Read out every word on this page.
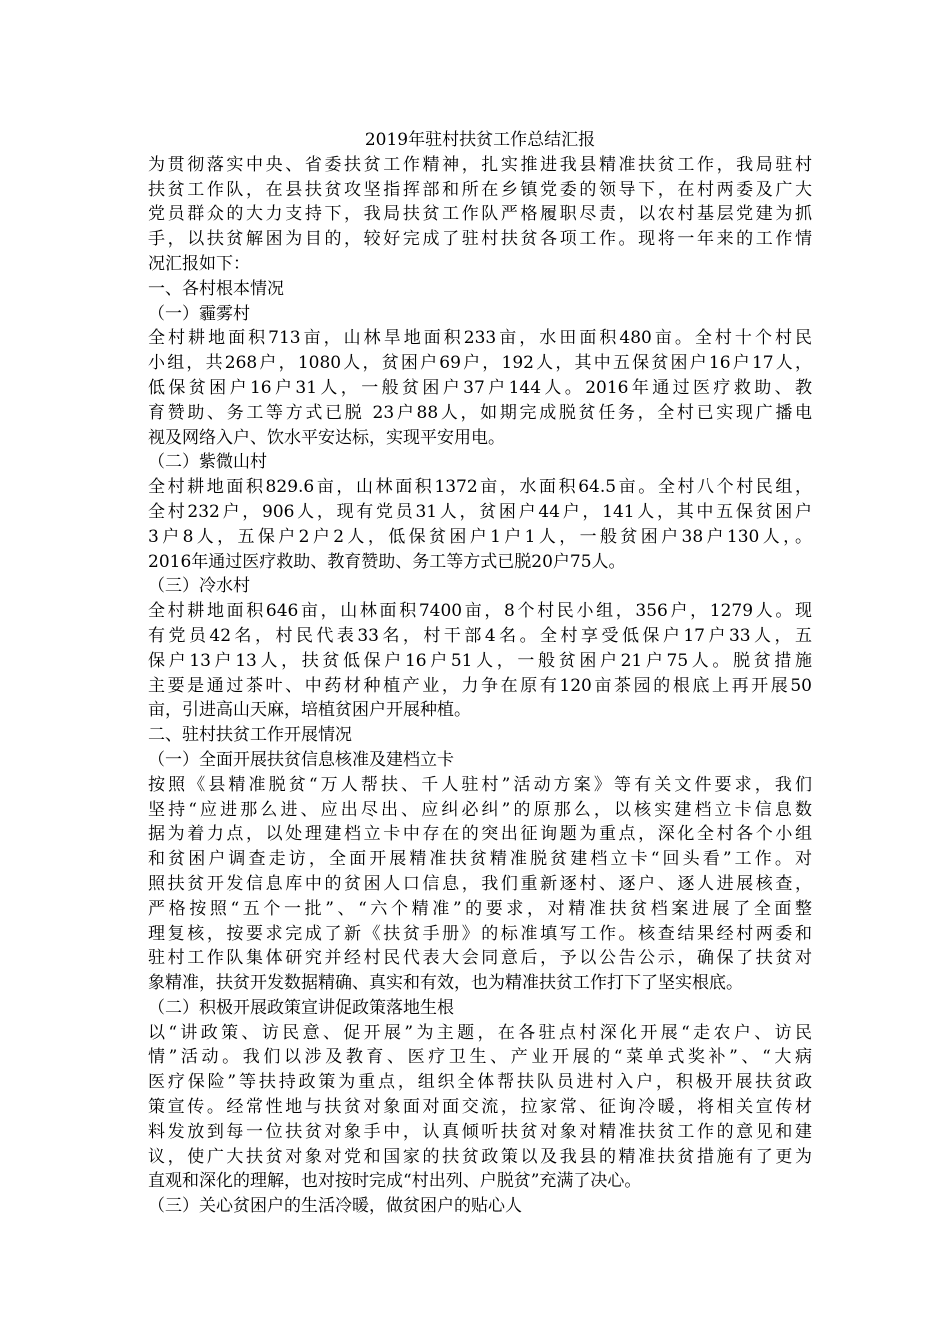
2019年驻村扶贫工作总结汇报

为贯彻落实中央、省委扶贫工作精神，扎实推进我县精准扶贫工作，我局驻村

扶贫工作队，在县扶贫攻坚指挥部和所在乡镇党委的领导下，在村两委及广大

党员群众的大力支持下，我局扶贫工作队严格履职尽责，以农村基层党建为抓

手，以扶贫解困为目的，较好完成了驻村扶贫各项工作。现将一年来的工作情

况汇报如下：

一、各村根本情况

（一）霾雾村

全村耕地面积713亩，山林旱地面积233亩，水田面积480亩。全村十个村民

小组，共268户，1080人，贫困户69户，192人，其中五保贫困户16户17人，

低保贫困户16户31人，一般贫困户37户144人。2016年通过医疗救助、教

育赞助、务工等方式已脱 23户88人，如期完成脱贫任务，全村已实现广播电

视及网络入户、饮水平安达标，实现平安用电。

（二）紫微山村

全村耕地面积829.6亩，山林面积1372亩，水面积64.5亩。全村八个村民组，

全村232户，906人，现有党员31人，贫困户44户，141人，其中五保贫困户

3户8人，五保户2户2人，低保贫困户1户1人，一般贫困户38户130人，。

2016年通过医疗救助、教育赞助、务工等方式已脱20户75人。

（三）冷水村

全村耕地面积646亩，山林面积7400亩，8个村民小组，356户，1279人。现

有党员42名，村民代表33名，村干部4名。全村享受低保户17户33人，五

保户13户13人，扶贫低保户16户51人，一般贫困户21户75人。脱贫措施

主要是通过茶叶、中药材种植产业，力争在原有120亩茶园的根底上再开展50

亩，引进高山天麻，培植贫困户开展种植。

二、驻村扶贫工作开展情况

（一）全面开展扶贫信息核准及建档立卡

按照《县精准脱贫“万人帮扶、千人驻村”活动方案》等有关文件要求，我们

坚持“应进那么进、应出尽出、应纠必纠”的原那么，以核实建档立卡信息数

据为着力点，以处理建档立卡中存在的突出征询题为重点，深化全村各个小组

和贫困户调查走访，全面开展精准扶贫精准脱贫建档立卡“回头看”工作。对

照扶贫开发信息库中的贫困人口信息，我们重新逐村、逐户、逐人进展核查，

严格按照“五个一批”、“六个精准”的要求，对精准扶贫档案进展了全面整

理复核，按要求完成了新《扶贫手册》的标准填写工作。核查结果经村两委和

驻村工作队集体研究并经村民代表大会同意后，予以公告公示，确保了扶贫对

象精准，扶贫开发数据精确、真实和有效，也为精准扶贫工作打下了坚实根底。

（二）积极开展政策宣讲促政策落地生根

以“讲政策、访民意、促开展”为主题，在各驻点村深化开展“走农户、访民

情”活动。我们以涉及教育、医疗卫生、产业开展的“菜单式奖补”、“大病

医疗保险”等扶持政策为重点，组织全体帮扶队员进村入户，积极开展扶贫政

策宣传。经常性地与扶贫对象面对面交流，拉家常、征询冷暖，将相关宣传材

料发放到每一位扶贫对象手中，认真倾听扶贫对象对精准扶贫工作的意见和建

议，使广大扶贫对象对党和国家的扶贫政策以及我县的精准扶贫措施有了更为

直观和深化的理解，也对按时完成“村出列、户脱贫”充满了决心。

（三）关心贫困户的生活冷暖，做贫困户的贴心人
